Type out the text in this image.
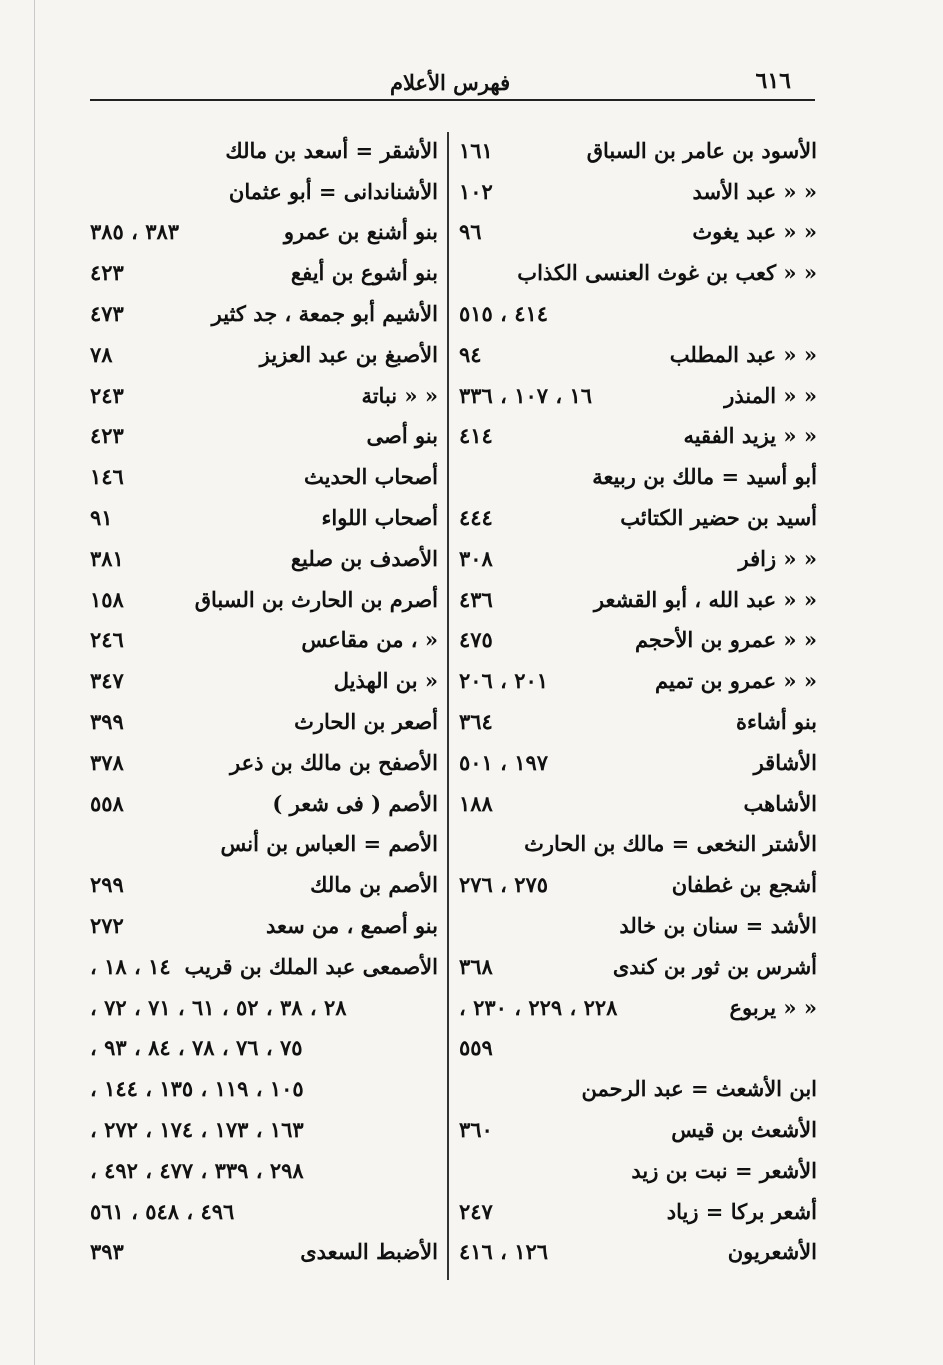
٦١٦
فهرس الأعلام
الأسود بن عامر بن السباق
١٦١
« « عبد الأسد
١٠٢
« « عبد يغوث
٩٦
« « كعب بن غوث العنسى الكذاب
٤١٤ ، ٥١٥
« « عبد المطلب
٩٤
« « المنذر
١٦ ، ١٠٧ ، ٣٣٦
« « يزيد الفقيه
٤١٤
أبو أسيد = مالك بن ربيعة
أسيد بن حضير الكتائب
٤٤٤
« « زافر
٣٠٨
« « عبد الله ، أبو القشعر
٤٣٦
« « عمرو بن الأحجم
٤٧٥
« « عمرو بن تميم
٢٠١ ، ٢٠٦
بنو أشاءة
٣٦٤
الأشاقر
١٩٧ ، ٥٠١
الأشاهب
١٨٨
الأشتر النخعى = مالك بن الحارث
أشجع بن غطفان
٢٧٥ ، ٢٧٦
الأشد = سنان بن خالد
أشرس بن ثور بن كندى
٣٦٨
« « يربوع
٢٢٨ ، ٢٢٩ ، ٢٣٠ ،
٥٥٩
ابن الأشعث = عبد الرحمن
الأشعث بن قيس
٣٦٠
الأشعر = نبت بن زيد
أشعر بركا = زياد
٢٤٧
الأشعريون
١٢٦ ، ٤١٦
الأشقر = أسعد بن مالك
الأشناندانى = أبو عثمان
بنو أشنع بن عمرو
٣٨٣ ، ٣٨٥
بنو أشوع بن أيفع
٤٢٣
الأشيم أبو جمعة ، جد كثير
٤٧٣
الأصبغ بن عبد العزيز
٧٨
« « نباتة
٢٤٣
بنو أصى
٤٢٣
أصحاب الحديث
١٤٦
أصحاب اللواء
٩١
الأصدف بن صليع
٣٨١
أصرم بن الحارث بن السباق
١٥٨
« ، من مقاعس
٢٤٦
« بن الهذيل
٣٤٧
أصعر بن الحارث
٣٩٩
الأصفح بن مالك بن ذعر
٣٧٨
الأصم ( فى شعر )
٥٥٨
الأصم = العباس بن أنس
الأصم بن مالك
٢٩٩
بنو أصمع ، من سعد
٢٧٢
الأصمعى عبد الملك بن قريب
١٤ ، ١٨ ،
٢٨ ، ٣٨ ، ٥٢ ، ٦١ ، ٧١ ، ٧٢ ،
٧٥ ، ٧٦ ، ٧٨ ، ٨٤ ، ٩٣ ،
١٠٥ ، ١١٩ ، ١٣٥ ، ١٤٤ ،
١٦٣ ، ١٧٣ ، ١٧٤ ، ٢٧٢ ،
٢٩٨ ، ٣٣٩ ، ٤٧٧ ، ٤٩٢ ،
٤٩٦ ، ٥٤٨ ، ٥٦١
الأضبط السعدى
٣٩٣
